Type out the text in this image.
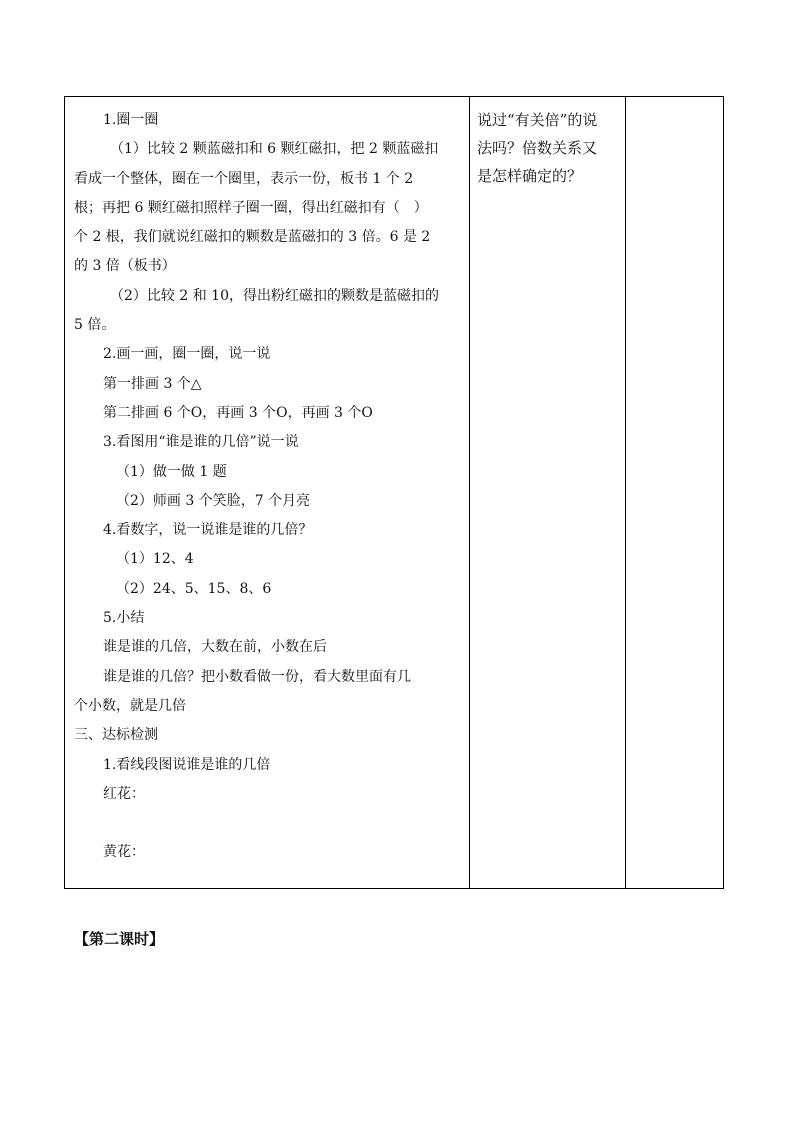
1.圈一圈
（1）比较 2 颗蓝磁扣和 6 颗红磁扣，把 2 颗蓝磁扣
看成一个整体，圈在一个圈里，表示一份，板书 1 个 2
根；再把 6 颗红磁扣照样子圈一圈，得出红磁扣有（　）
个 2 根，我们就说红磁扣的颗数是蓝磁扣的 3 倍。6 是 2
的 3 倍（板书）
（2）比较 2 和 10，得出粉红磁扣的颗数是蓝磁扣的
5 倍。
2.画一画，圈一圈，说一说
第一排画 3 个△
第二排画 6 个O，再画 3 个O，再画 3 个O
3.看图用“谁是谁的几倍”说一说
（1）做一做 1 题
（2）师画 3 个笑脸，7 个月亮
4.看数字，说一说谁是谁的几倍？
（1）12、4
（2）24、5、15、8、6
5.小结
谁是谁的几倍，大数在前，小数在后
谁是谁的几倍？把小数看做一份，看大数里面有几
个小数，就是几倍
三、达标检测
1.看线段图说谁是谁的几倍
红花：
黄花：

说过“有关倍”的说
法吗？倍数关系又
是怎样确定的？

【第二课时】
